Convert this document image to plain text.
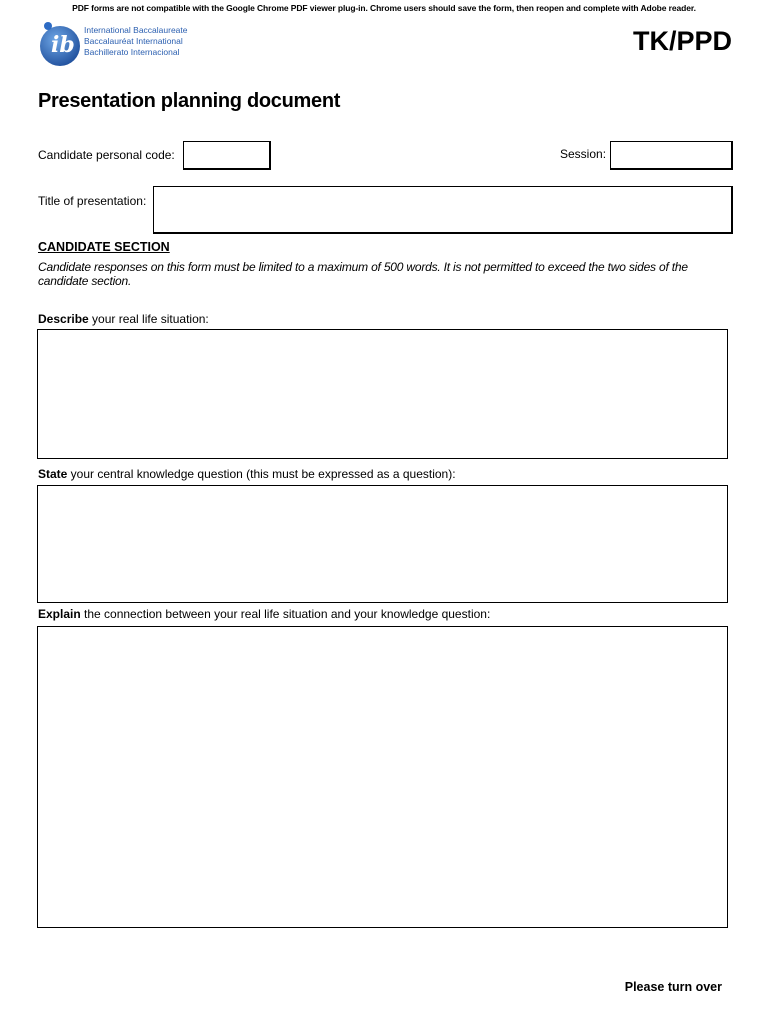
PDF forms are not compatible with the Google Chrome PDF viewer plug-in. Chrome users should save the form, then reopen and complete with Adobe reader.
ib
International Baccalaureate
Baccalauréat International
Bachillerato Internacional	TK/PPD
Presentation planning document
Candidate personal code:	Session:
Title of presentation:
CANDIDATE SECTION
Candidate responses on this form must be limited to a maximum of 500 words. It is not permitted to exceed the two sides of the candidate section.
Describe your real life situation:
State your central knowledge question (this must be expressed as a question):
Explain the connection between your real life situation and your knowledge question:
Please turn over
